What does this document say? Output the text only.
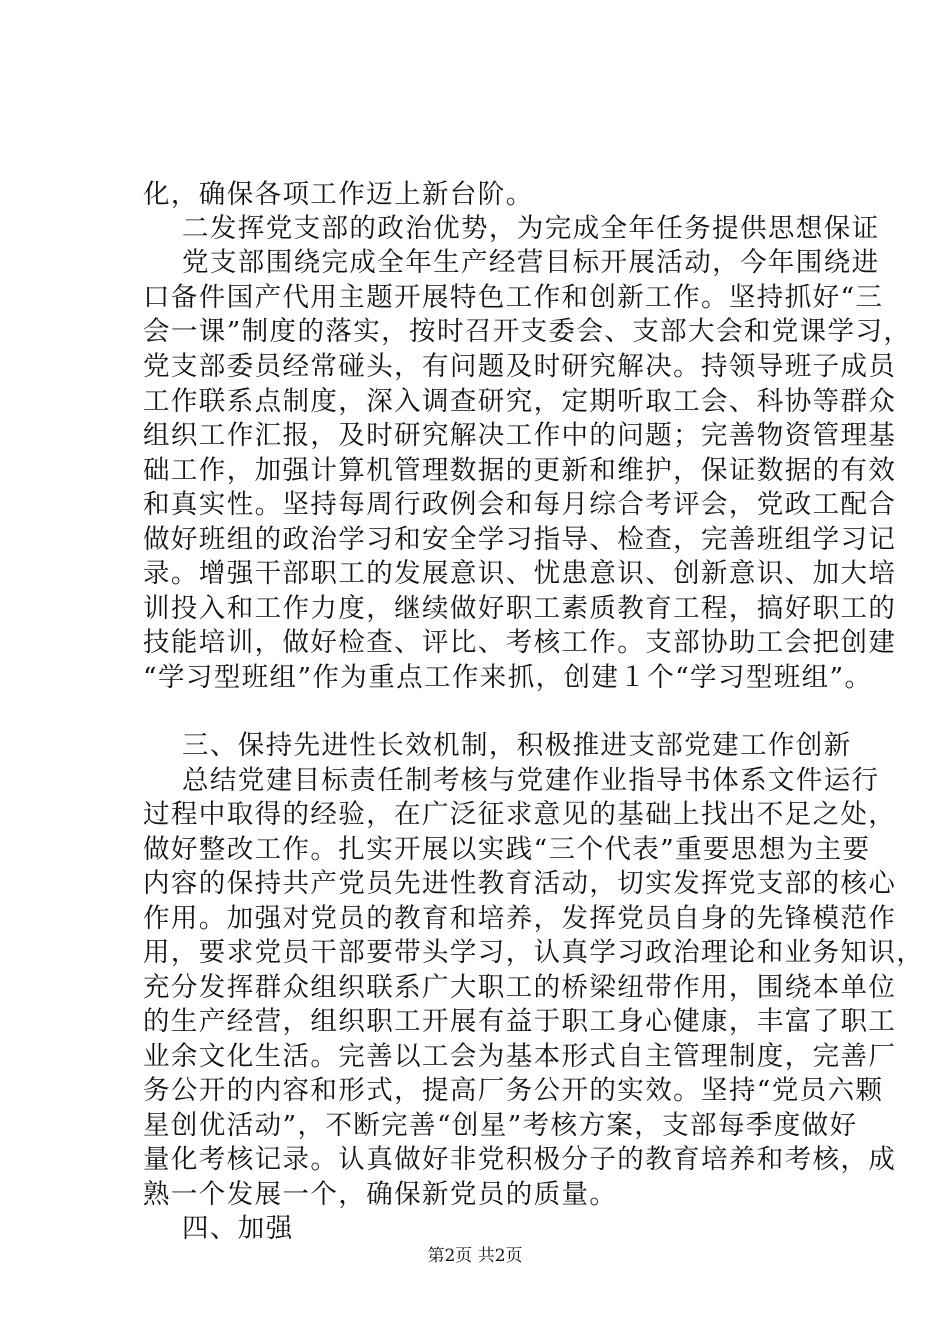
化，确保各项工作迈上新台阶。
二发挥党支部的政治优势，为完成全年任务提供思想保证
党支部围绕完成全年生产经营目标开展活动，今年围绕进
口备件国产代用主题开展特色工作和创新工作。坚持抓好“三
会一课”制度的落实，按时召开支委会、支部大会和党课学习，
党支部委员经常碰头，有问题及时研究解决。持领导班子成员
工作联系点制度，深入调查研究，定期听取工会、科协等群众
组织工作汇报，及时研究解决工作中的问题；完善物资管理基
础工作，加强计算机管理数据的更新和维护，保证数据的有效
和真实性。坚持每周行政例会和每月综合考评会，党政工配合
做好班组的政治学习和安全学习指导、检查，完善班组学习记
录。增强干部职工的发展意识、忧患意识、创新意识、加大培
训投入和工作力度，继续做好职工素质教育工程，搞好职工的
技能培训，做好检查、评比、考核工作。支部协助工会把创建
“学习型班组”作为重点工作来抓，创建１个“学习型班组”。
三、保持先进性长效机制，积极推进支部党建工作创新
总结党建目标责任制考核与党建作业指导书体系文件运行
过程中取得的经验，在广泛征求意见的基础上找出不足之处，
做好整改工作。扎实开展以实践“三个代表”重要思想为主要
内容的保持共产党员先进性教育活动，切实发挥党支部的核心
作用。加强对党员的教育和培养，发挥党员自身的先锋模范作
用，要求党员干部要带头学习，认真学习政治理论和业务知识，
充分发挥群众组织联系广大职工的桥梁纽带作用，围绕本单位
的生产经营，组织职工开展有益于职工身心健康，丰富了职工
业余文化生活。完善以工会为基本形式自主管理制度，完善厂
务公开的内容和形式，提高厂务公开的实效。坚持“党员六颗
星创优活动”，不断完善“创星”考核方案，支部每季度做好
量化考核记录。认真做好非党积极分子的教育培养和考核，成
熟一个发展一个，确保新党员的质量。
四、加强
第2页 共2页
